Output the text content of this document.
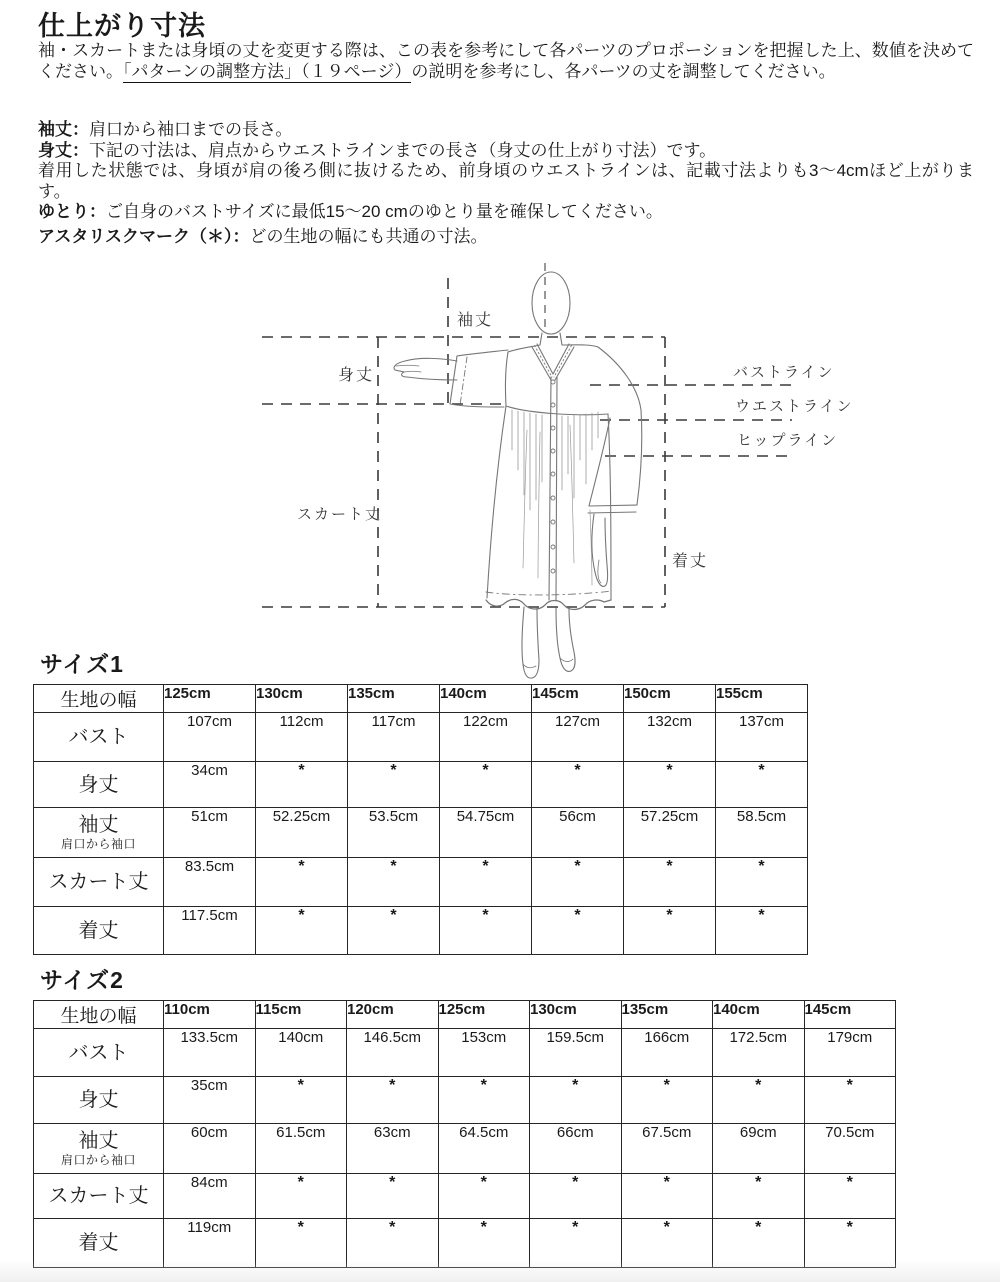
仕上がり寸法

袖・スカートまたは身頃の丈を変更する際は、この表を参考にして各パーツのプロポーションを把握した上、数値を決めてください。「パターンの調整方法」（１９ページ）の説明を参考にし、各パーツの丈を調整してください。

袖丈：肩口から袖口までの長さ。

身丈：下記の寸法は、肩点からウエストラインまでの長さ（身丈の仕上がり寸法）です。

着用した状態では、身頃が肩の後ろ側に抜けるため、前身頃のウエストラインは、記載寸法よりも3～4cmほど上がります。

ゆとり：ご自身のバストサイズに最低15～20 cmのゆとり量を確保してください。

アスタリスクマーク（＊）：どの生地の幅にも共通の寸法。

袖丈
身丈
スカート丈
着丈
バストライン
ウエストライン
ヒップライン
サイズ1
生地の幅	125cm	130cm	135cm	140cm	145cm	150cm	155cm

バスト	107cm	112cm	117cm	122cm	127cm	132cm	137cm

身丈	34cm	*	*	*	*	*	*

袖丈
肩口から袖口	51cm	52.25cm	53.5cm	54.75cm	56cm	57.25cm	58.5cm

スカート丈	83.5cm	*	*	*	*	*	*

着丈	117.5cm	*	*	*	*	*	*
サイズ2
生地の幅	110cm	115cm	120cm	125cm	130cm	135cm	140cm	145cm

バスト	133.5cm	140cm	146.5cm	153cm	159.5cm	166cm	172.5cm	179cm

身丈	35cm	*	*	*	*	*	*	*

袖丈
肩口から袖口	60cm	61.5cm	63cm	64.5cm	66cm	67.5cm	69cm	70.5cm

スカート丈	84cm	*	*	*	*	*	*	*

着丈	119cm	*	*	*	*	*	*	*
